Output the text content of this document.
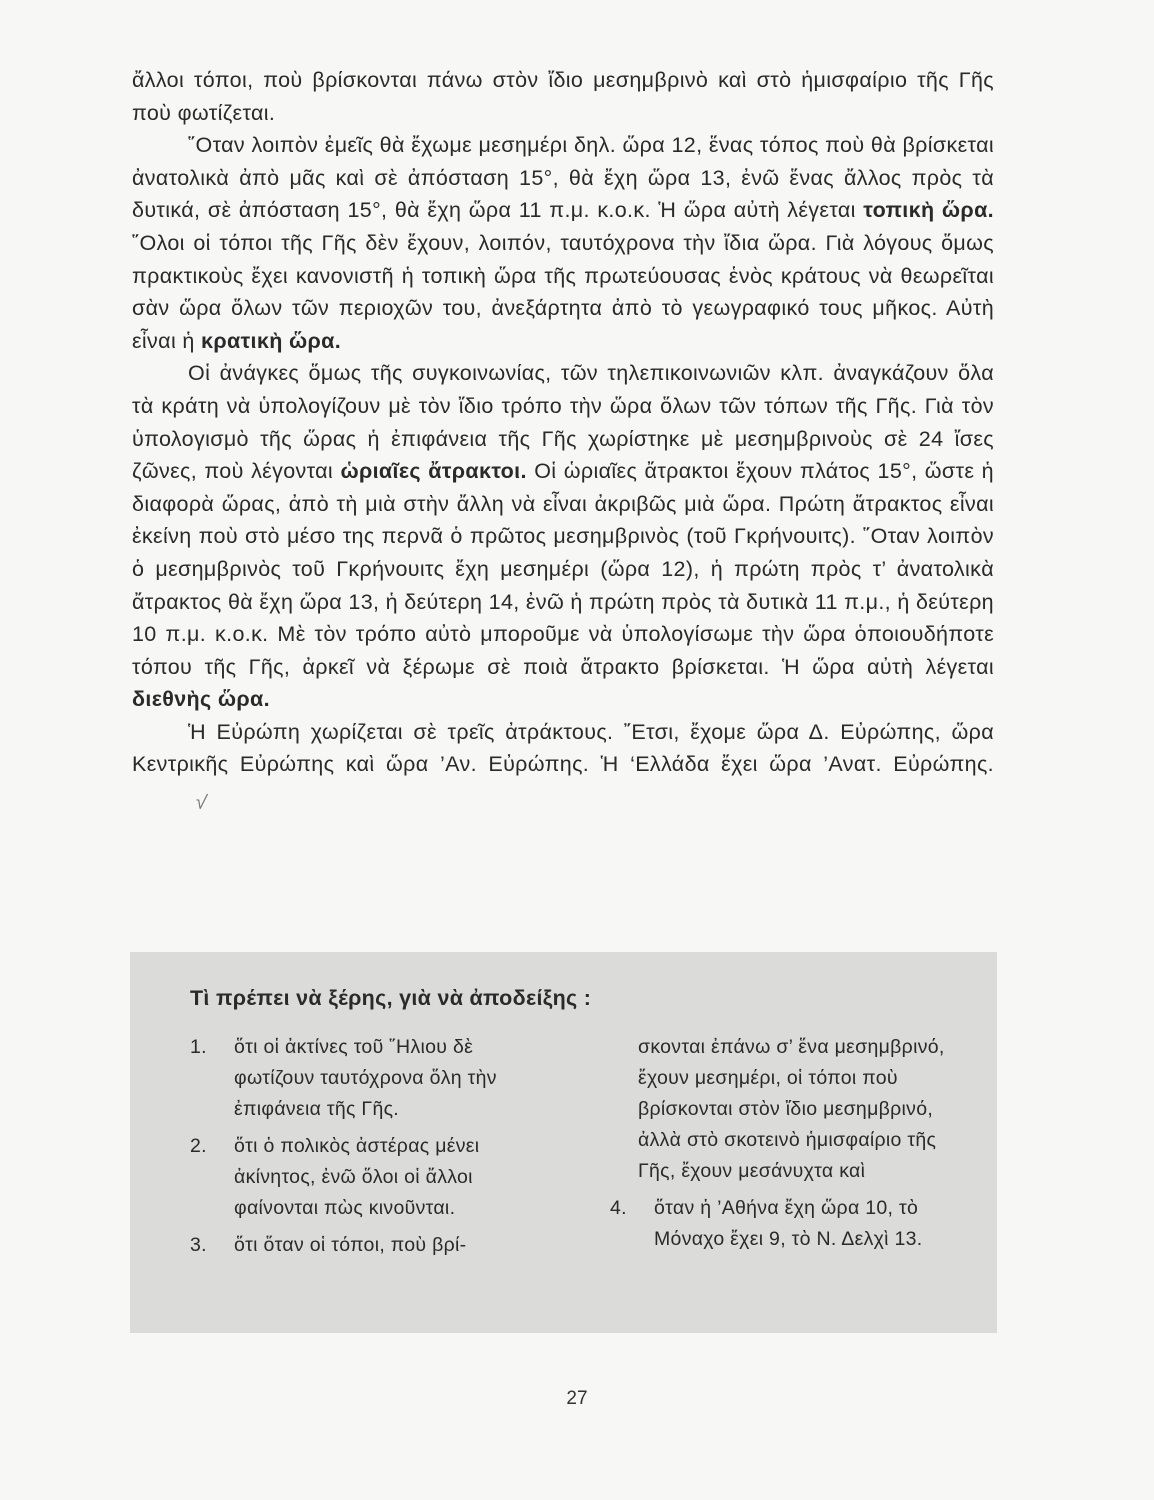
ἄλλοι τόποι, ποὺ βρίσκονται πάνω στὸν ἴδιο μεσημβρινὸ καὶ στὸ ἡμισφαίριο τῆς Γῆς ποὺ φωτίζεται.

῞Οταν λοιπὸν ἐμεῖς θὰ ἔχωμε μεσημέρι δηλ. ὥρα 12, ἕνας τόπος ποὺ θὰ βρίσκεται ἀνατολικὰ ἀπὸ μᾶς καὶ σὲ ἀπόσταση 15°, θὰ ἔχη ὥρα 13, ἐνῶ ἕνας ἄλλος πρὸς τὰ δυτικά, σὲ ἀπόσταση 15°, θὰ ἔχη ὥρα 11 π.μ. κ.ο.κ. Ἡ ὥρα αὐτὴ λέγεται τοπικὴ ὥρα. ῞Ολοι οἱ τόποι τῆς Γῆς δὲν ἔχουν, λοιπόν, ταυτόχρονα τὴν ἴδια ὥρα. Γιὰ λόγους ὅμως πρακτικοὺς ἔχει κανονιστῆ ἡ τοπικὴ ὥρα τῆς πρωτεύουσας ἑνὸς κράτους νὰ θεωρεῖται σὰν ὥρα ὅλων τῶν περιοχῶν του, ἀνεξάρτητα ἀπὸ τὸ γεωγραφικό τους μῆκος. Αὐτὴ εἶναι ἡ κρατικὴ ὥρα.

Οἱ ἀνάγκες ὅμως τῆς συγκοινωνίας, τῶν τηλεπικοινωνιῶν κλπ. ἀναγκάζουν ὅλα τὰ κράτη νὰ ὑπολογίζουν μὲ τὸν ἴδιο τρόπο τὴν ὥρα ὅλων τῶν τόπων τῆς Γῆς. Γιὰ τὸν ὑπολογισμὸ τῆς ὥρας ἡ ἐπιφάνεια τῆς Γῆς χωρίστηκε μὲ μεσημβρινοὺς σὲ 24 ἴσες ζῶνες, ποὺ λέγονται ὡριαῖες ἄτρακτοι. Οἱ ὡριαῖες ἄτρακτοι ἔχουν πλάτος 15°, ὥστε ἡ διαφορὰ ὥρας, ἀπὸ τὴ μιὰ στὴν ἄλλη νὰ εἶναι ἀκριβῶς μιὰ ὥρα. Πρώτη ἄτρακτος εἶναι ἐκείνη ποὺ στὸ μέσο της περνᾶ ὁ πρῶτος μεσημβρινὸς (τοῦ Γκρήνουιτς). ῞Οταν λοιπὸν ὁ μεσημβρινὸς τοῦ Γκρήνουιτς ἔχη μεσημέρι (ὥρα 12), ἡ πρώτη πρὸς τ’ ἀνατολικὰ ἄτρακτος θὰ ἔχη ὥρα 13, ἡ δεύτερη 14, ἐνῶ ἡ πρώτη πρὸς τὰ δυτικὰ 11 π.μ., ἡ δεύτερη 10 π.μ. κ.ο.κ. Μὲ τὸν τρόπο αὐτὸ μποροῦμε νὰ ὑπολογίσωμε τὴν ὥρα ὁποιουδήποτε τόπου τῆς Γῆς, ἀρκεῖ νὰ ξέρωμε σὲ ποιὰ ἄτρακτο βρίσκεται. Ἡ ὥρα αὐτὴ λέγεται διεθνὴς ὥρα.

Ἡ Εὐρώπη χωρίζεται σὲ τρεῖς ἀτράκτους. ῎Ετσι, ἔχομε ὥρα Δ. Εὐρώπης, ὥρα Κεντρικῆς Εὐρώπης καὶ ὥρα ’Αν. Εὐρώπης. Ἡ ‘Ελλάδα ἔχει ὥρα ’Ανατ. Εὐρώπης.√

Τὶ πρέπει νὰ ξέρης, γιὰ νὰ ἀποδείξης :
1. ὅτι οἱ ἀκτίνες τοῦ ῞Ηλιου δὲ φωτίζουν ταυτόχρονα ὅλη τὴν ἐπιφάνεια τῆς Γῆς.
2. ὅτι ὁ πολικὸς ἀστέρας μένει ἀκίνητος, ἐνῶ ὅλοι οἱ ἄλλοι φαίνονται πὼς κινοῦνται.
3. ὅτι ὅταν οἱ τόποι, ποὺ βρί-
σκονται ἐπάνω σ’ ἕνα μεσημβρινό, ἔχουν μεσημέρι, οἱ τόποι ποὺ βρίσκονται στὸν ἴδιο μεσημβρινό, ἀλλὰ στὸ σκοτεινὸ ἡμισφαίριο τῆς Γῆς, ἔχουν μεσάνυχτα καὶ
4. ὅταν ἡ ’Αθήνα ἔχη ὥρα 10, τὸ Μόναχο ἔχει 9, τὸ Ν. Δελχὶ 13.
27
